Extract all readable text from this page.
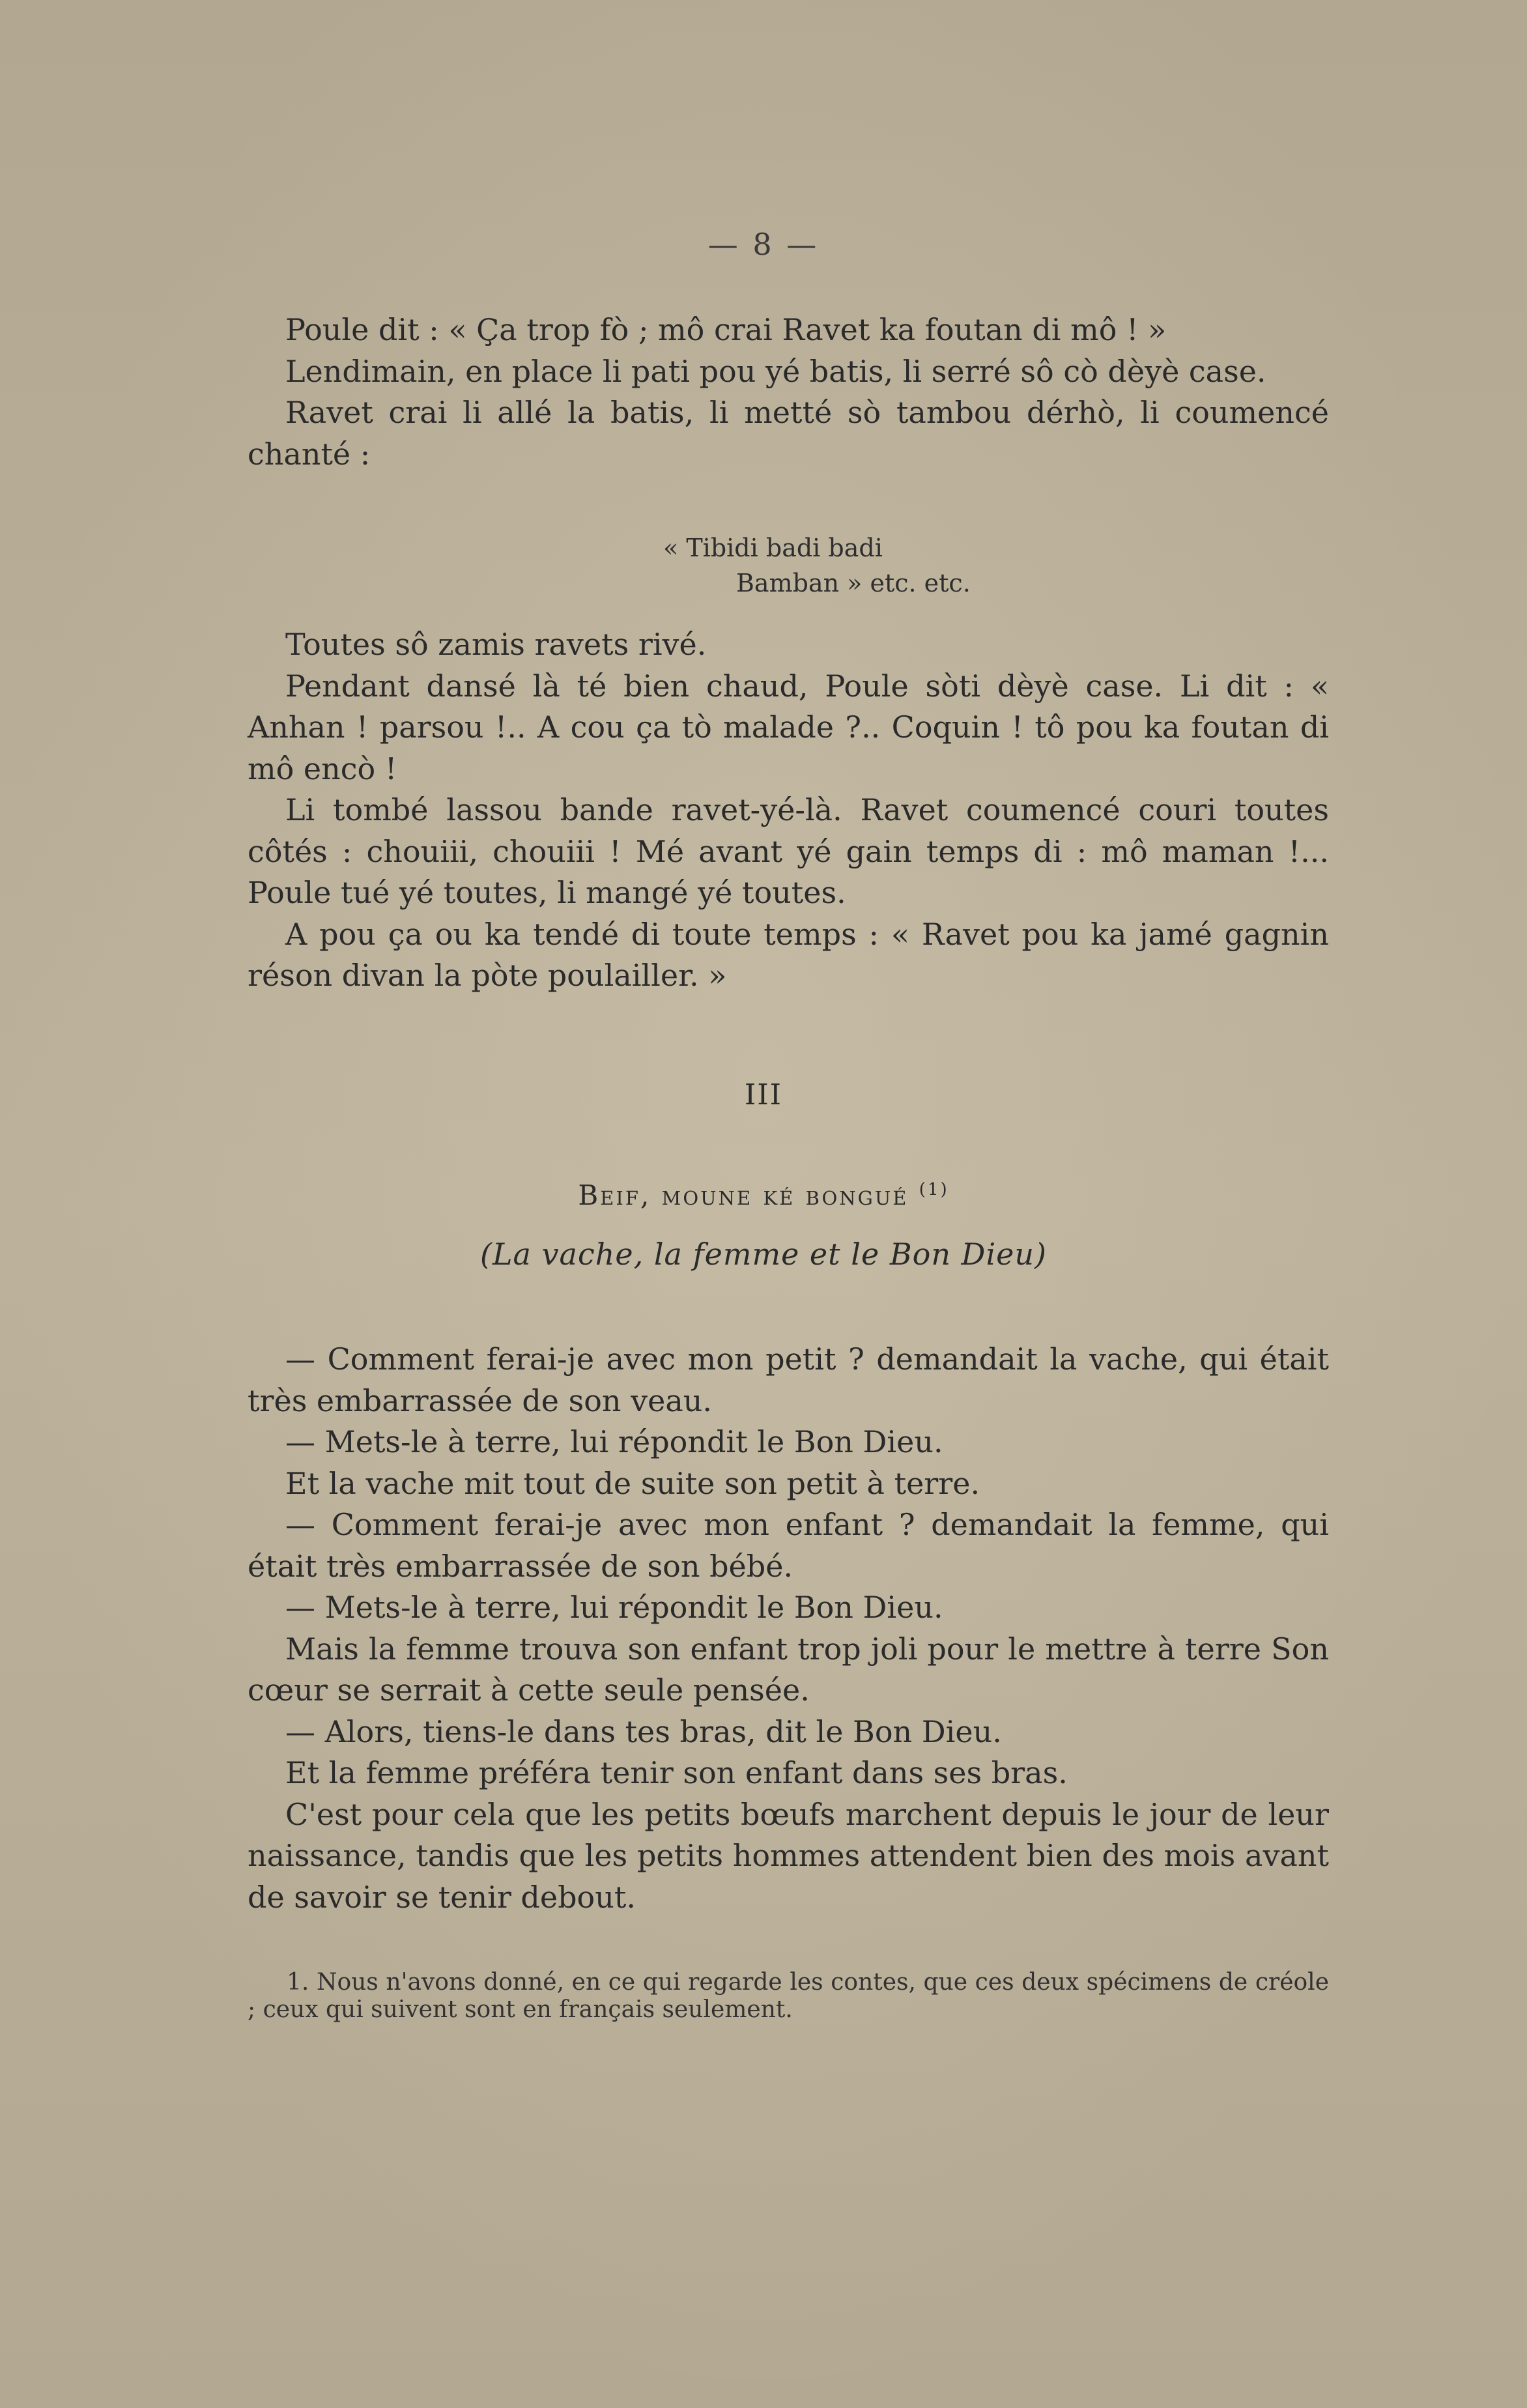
— 8 —

Poule dit : « Ça trop fò ; mô crai Ravet ka foutan di mô ! »

Lendimain, en place li pati pou yé batis, li serré sô cò dèyè case.

Ravet crai li allé la batis, li metté sò tambou dérhò, li coumencé chanté :

« Tibidi badi badi
Bamban » etc. etc.

Toutes sô zamis ravets rivé.

Pendant dansé là té bien chaud, Poule sòti dèyè case. Li dit : « Anhan ! parsou !.. A cou ça tò malade ?.. Coquin ! tô pou ka foutan di mô encò !

Li tombé lassou bande ravet-yé-là. Ravet coumencé couri toutes côtés : chouiii, chouiii ! Mé avant yé gain temps di : mô maman !... Poule tué yé toutes, li mangé yé toutes.

A pou ça ou ka tendé di toute temps : « Ravet pou ka jamé gagnin réson divan la pòte poulailler. »

III
Beif, moune ké bongué $^{(1)}$
(La vache, la femme et le Bon Dieu)

— Comment ferai-je avec mon petit ? demandait la vache, qui était très embarrassée de son veau.

— Mets-le à terre, lui répondit le Bon Dieu.

Et la vache mit tout de suite son petit à terre.

— Comment ferai-je avec mon enfant ? demandait la femme, qui était très embarrassée de son bébé.

— Mets-le à terre, lui répondit le Bon Dieu.

Mais la femme trouva son enfant trop joli pour le mettre à terre Son cœur se serrait à cette seule pensée.

— Alors, tiens-le dans tes bras, dit le Bon Dieu.

Et la femme préféra tenir son enfant dans ses bras.

C'est pour cela que les petits bœufs marchent depuis le jour de leur naissance, tandis que les petits hommes attendent bien des mois avant de savoir se tenir debout.

1. Nous n'avons donné, en ce qui regarde les contes, que ces deux spécimens de créole ; ceux qui suivent sont en français seulement.
